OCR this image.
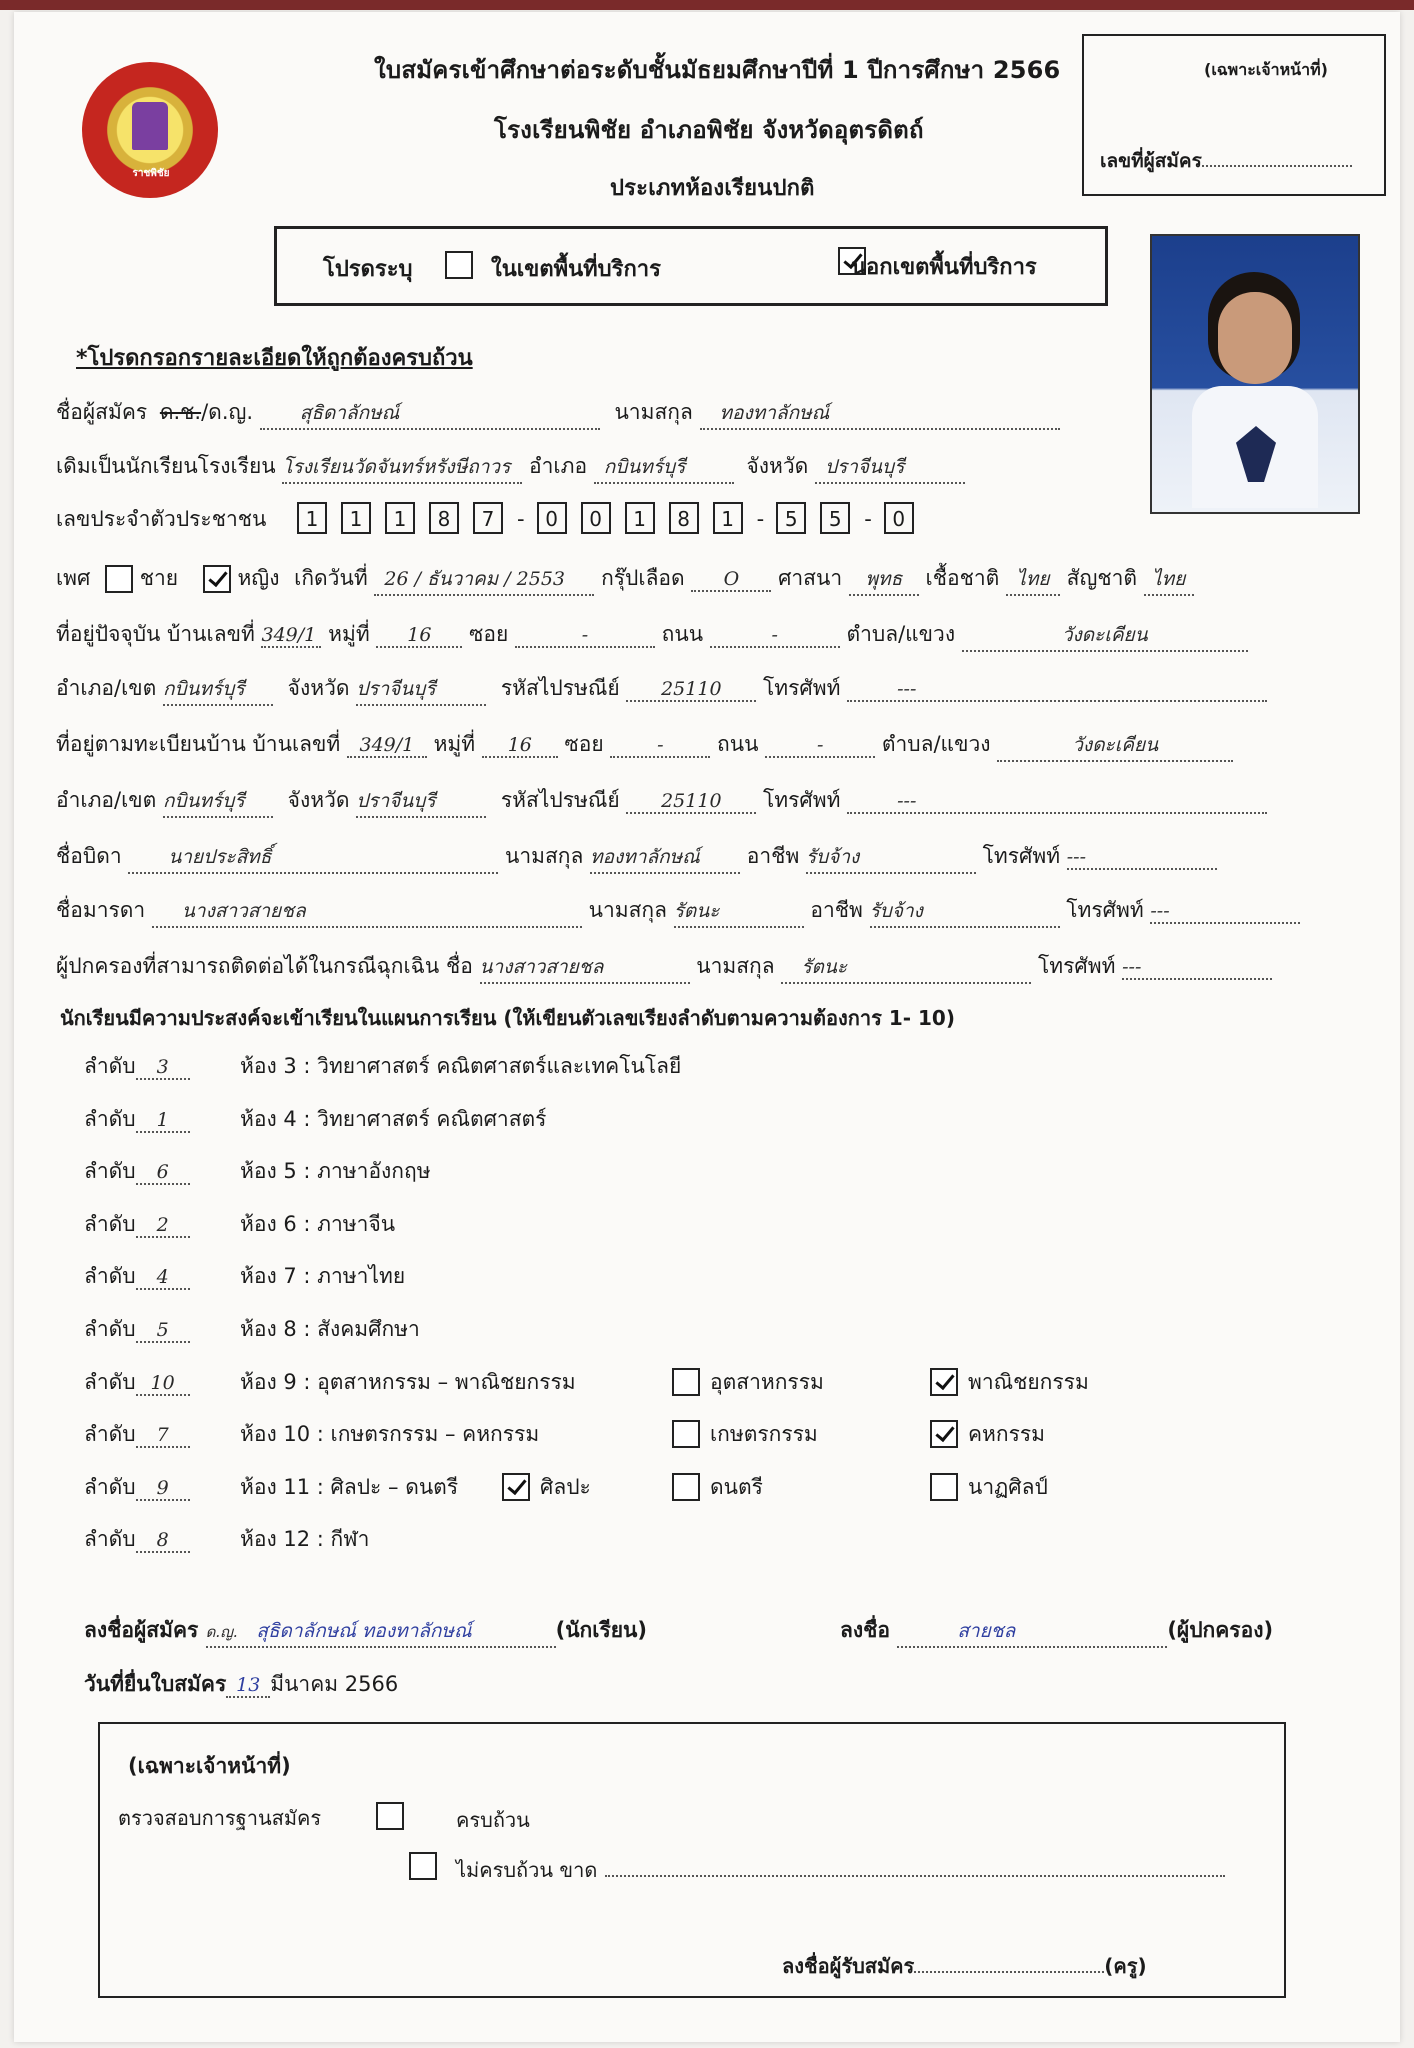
ราชพิชัย
ใบสมัครเข้าศึกษาต่อระดับชั้นมัธยมศึกษาปีที่ 1 ปีการศึกษา 2566
โรงเรียนพิชัย อำเภอพิชัย จังหวัดอุตรดิตถ์
ประเภทห้องเรียนปกติ
(เฉพาะเจ้าหน้าที่)
เลขที่ผู้สมัคร
โปรดระบุ
	ในเขตพื้นที่บริการ	นอกเขตพื้นที่บริการ
*โปรดกรอกรายละเอียดให้ถูกต้องครบถ้วน
ชื่อผู้สมัคร ด.ช./ด.ญ. สุธิดาลักษณ์	นามสกุล ทองทาลักษณ์
เดิมเป็นนักเรียนโรงเรียน โรงเรียนวัดจันทร์หรังษีถาวร อำเภอ กบินทร์บุรี	จังหวัด ปราจีนบุรี
เลขประจำตัวประชาชน 1 1 1 8 7 - 0 0 1 8 1 - 5 5 - 0
เพศ ชาย	หญิง เกิดวันที่ 26 / ธันวาคม / 2553 กรุ๊ปเลือด O ศาสนา พุทธ เชื้อชาติ ไทย สัญชาติ ไทย
ที่อยู่ปัจจุบัน บ้านเลขที่ 349/1 หมู่ที่ 16 ซอย	-	ถนน	-	ตำบล/แขวง	วังดะเคียน
อำเภอ/เขต กบินทร์บุรี จังหวัด ปราจีนบุรี	รหัสไปรษณีย์ 25110 โทรศัพท์	---
ที่อยู่ตามทะเบียนบ้าน บ้านเลขที่ 349/1 หมู่ที่ 16 ซอย	-	ถนน	-	ตำบล/แขวง	วังดะเคียน
อำเภอ/เขต กบินทร์บุรี จังหวัด ปราจีนบุรี	รหัสไปรษณีย์ 25110 โทรศัพท์	---
ชื่อบิดา นายประสิทธิ์	นามสกุล ทองทาลักษณ์ อาชีพ รับจ้าง	โทรศัพท์ ---
ชื่อมารดา นางสาวสายชล	นามสกุล รัตนะ	อาชีพ รับจ้าง	โทรศัพท์ ---
ผู้ปกครองที่สามารถติดต่อได้ในกรณีฉุกเฉิน ชื่อ นางสาวสายชล	นามสกุล รัตนะ	โทรศัพท์ ---
นักเรียนมีความประสงค์จะเข้าเรียนในแผนการเรียน (ให้เขียนตัวเลขเรียงลำดับตามความต้องการ 1- 10)
ลำดับ 3	ห้อง 3 : วิทยาศาสตร์ คณิตศาสตร์และเทคโนโลยี
ลำดับ 1	ห้อง 4 : วิทยาศาสตร์ คณิตศาสตร์
ลำดับ 6	ห้อง 5 : ภาษาอังกฤษ
ลำดับ 2	ห้อง 6 : ภาษาจีน
ลำดับ 4	ห้อง 7 : ภาษาไทย
ลำดับ 5	ห้อง 8 : สังคมศึกษา
ลำดับ 10	ห้อง 9 : อุตสาหกรรม – พาณิชยกรรม	อุตสาหกรรม	พาณิชยกรรม
ลำดับ 7	ห้อง 10 : เกษตรกรรม – คหกรรม	เกษตรกรรม	คหกรรม
ลำดับ 9	ห้อง 11 : ศิลปะ – ดนตรี	ศิลปะ	ดนตรี	นาฏศิลป์
ลำดับ 8	ห้อง 12 : กีฬา
ลงชื่อผู้สมัคร ด.ญ. สุธิดาลักษณ์ ทองทาลักษณ์	(นักเรียน)	ลงชื่อ	สายชล	(ผู้ปกครอง)
วันที่ยื่นใบสมัคร 13 มีนาคม 2566
(เฉพาะเจ้าหน้าที่)
ตรวจสอบการฐานสมัคร
	ครบถ้วน
ไม่ครบถ้วน ขาด
ลงชื่อผู้รับสมัคร	(ครู)
